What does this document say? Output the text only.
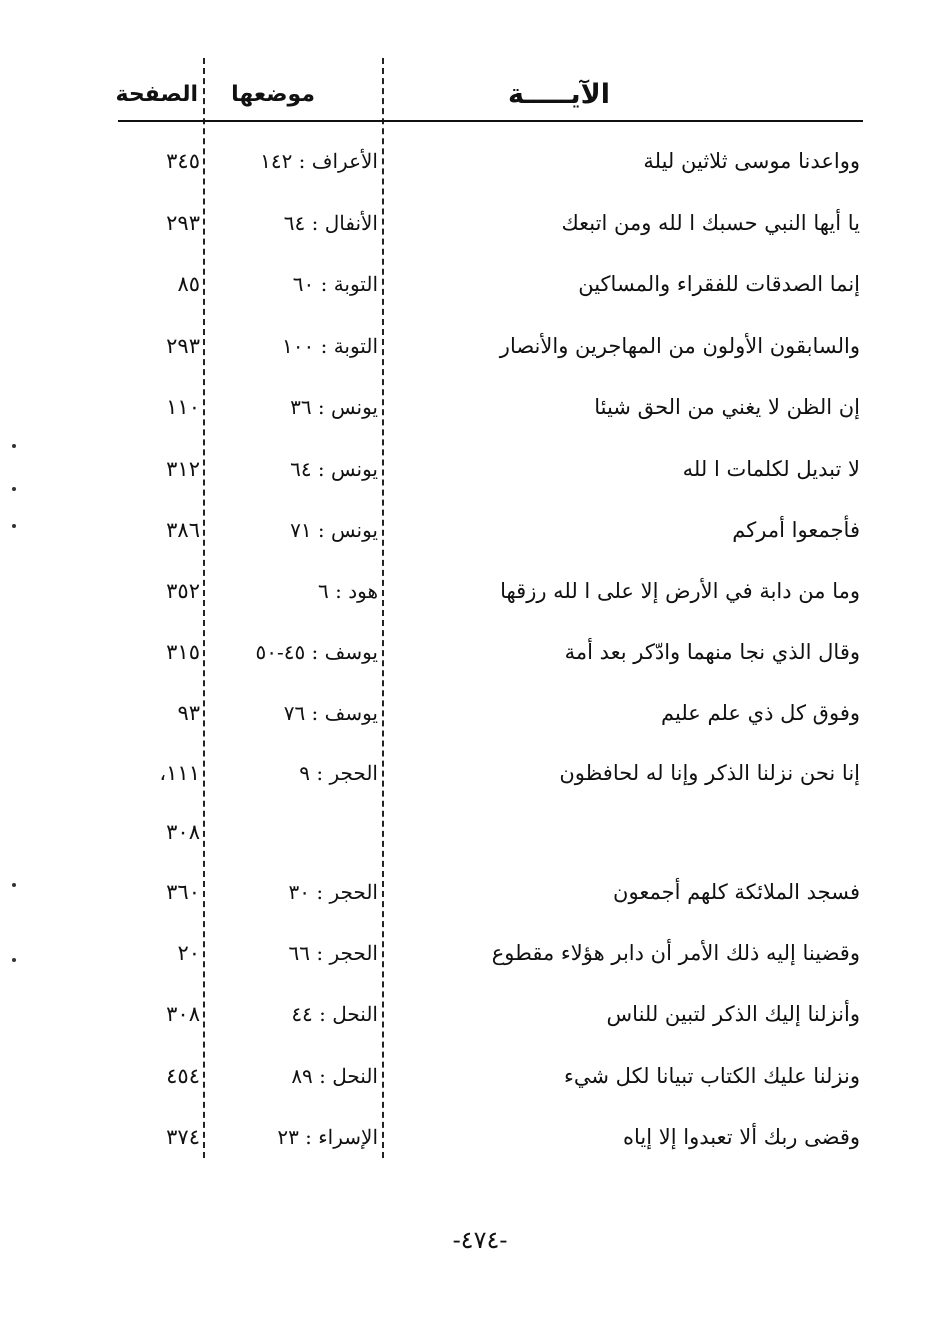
الآيـــــة
موضعها
الصفحة
وواعدنا موسى ثلاثين ليلة
الأعراف : ١٤٢
٣٤٥
يا أيها النبي حسبك ا لله ومن اتبعك
الأنفال : ٦٤
٢٩٣
إنما الصدقات للفقراء والمساكين
التوبة : ٦٠
٨٥
والسابقون الأولون من المهاجرين والأنصار
التوبة : ١٠٠
٢٩٣
إن الظن لا يغني من الحق شيئا
يونس : ٣٦
١١٠
لا تبديل لكلمات ا لله
يونس : ٦٤
٣١٢
فأجمعوا أمركم
يونس : ٧١
٣٨٦
وما من دابة في الأرض إلا على ا لله رزقها
هود : ٦
٣٥٢
وقال الذي نجا منهما وادّكر بعد أمة
يوسف : ٤٥-٥٠
٣١٥
وفوق كل ذي علم عليم
يوسف : ٧٦
٩٣
إنا نحن نزلنا الذكر وإنا له لحافظون
الحجر : ٩
١١١،
٣٠٨
فسجد الملائكة كلهم أجمعون
الحجر : ٣٠
٣٦٠
وقضينا إليه ذلك الأمر أن دابر هؤلاء مقطوع
الحجر : ٦٦
٢٠
وأنزلنا إليك الذكر لتبين للناس
النحل : ٤٤
٣٠٨
ونزلنا عليك الكتاب تبيانا لكل شيء
النحل : ٨٩
٤٥٤
وقضى ربك ألا تعبدوا إلا إياه
الإسراء : ٢٣
٣٧٤
-٤٧٤-
